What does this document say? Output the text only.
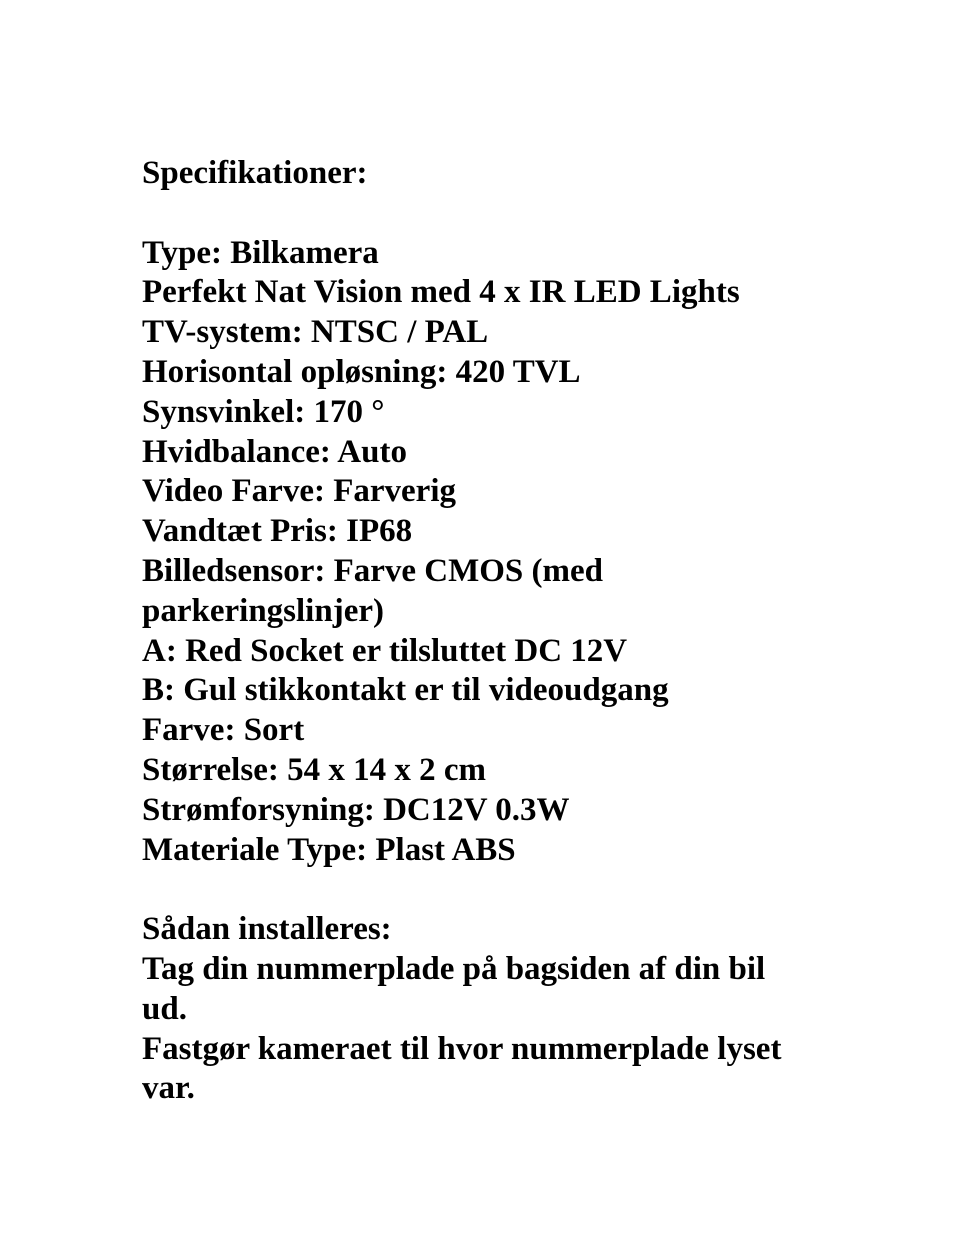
Specifikationer:
Type: Bilkamera
Perfekt Nat Vision med 4 x IR LED Lights
TV-system: NTSC / PAL
Horisontal opløsning: 420 TVL
Synsvinkel: 170 °
Hvidbalance: Auto
Video Farve: Farverig
Vandtæt Pris: IP68
Billedsensor: Farve CMOS (med parkeringslinjer)
A: Red Socket er tilsluttet DC 12V
B: Gul stikkontakt er til videoudgang
Farve: Sort
Størrelse: 54 x 14 x 2 cm
Strømforsyning: DC12V 0.3W
Materiale Type: Plast ABS
Sådan installeres:
Tag din nummerplade på bagsiden af din bil ud.
Fastgør kameraet til hvor nummerplade lyset var.
